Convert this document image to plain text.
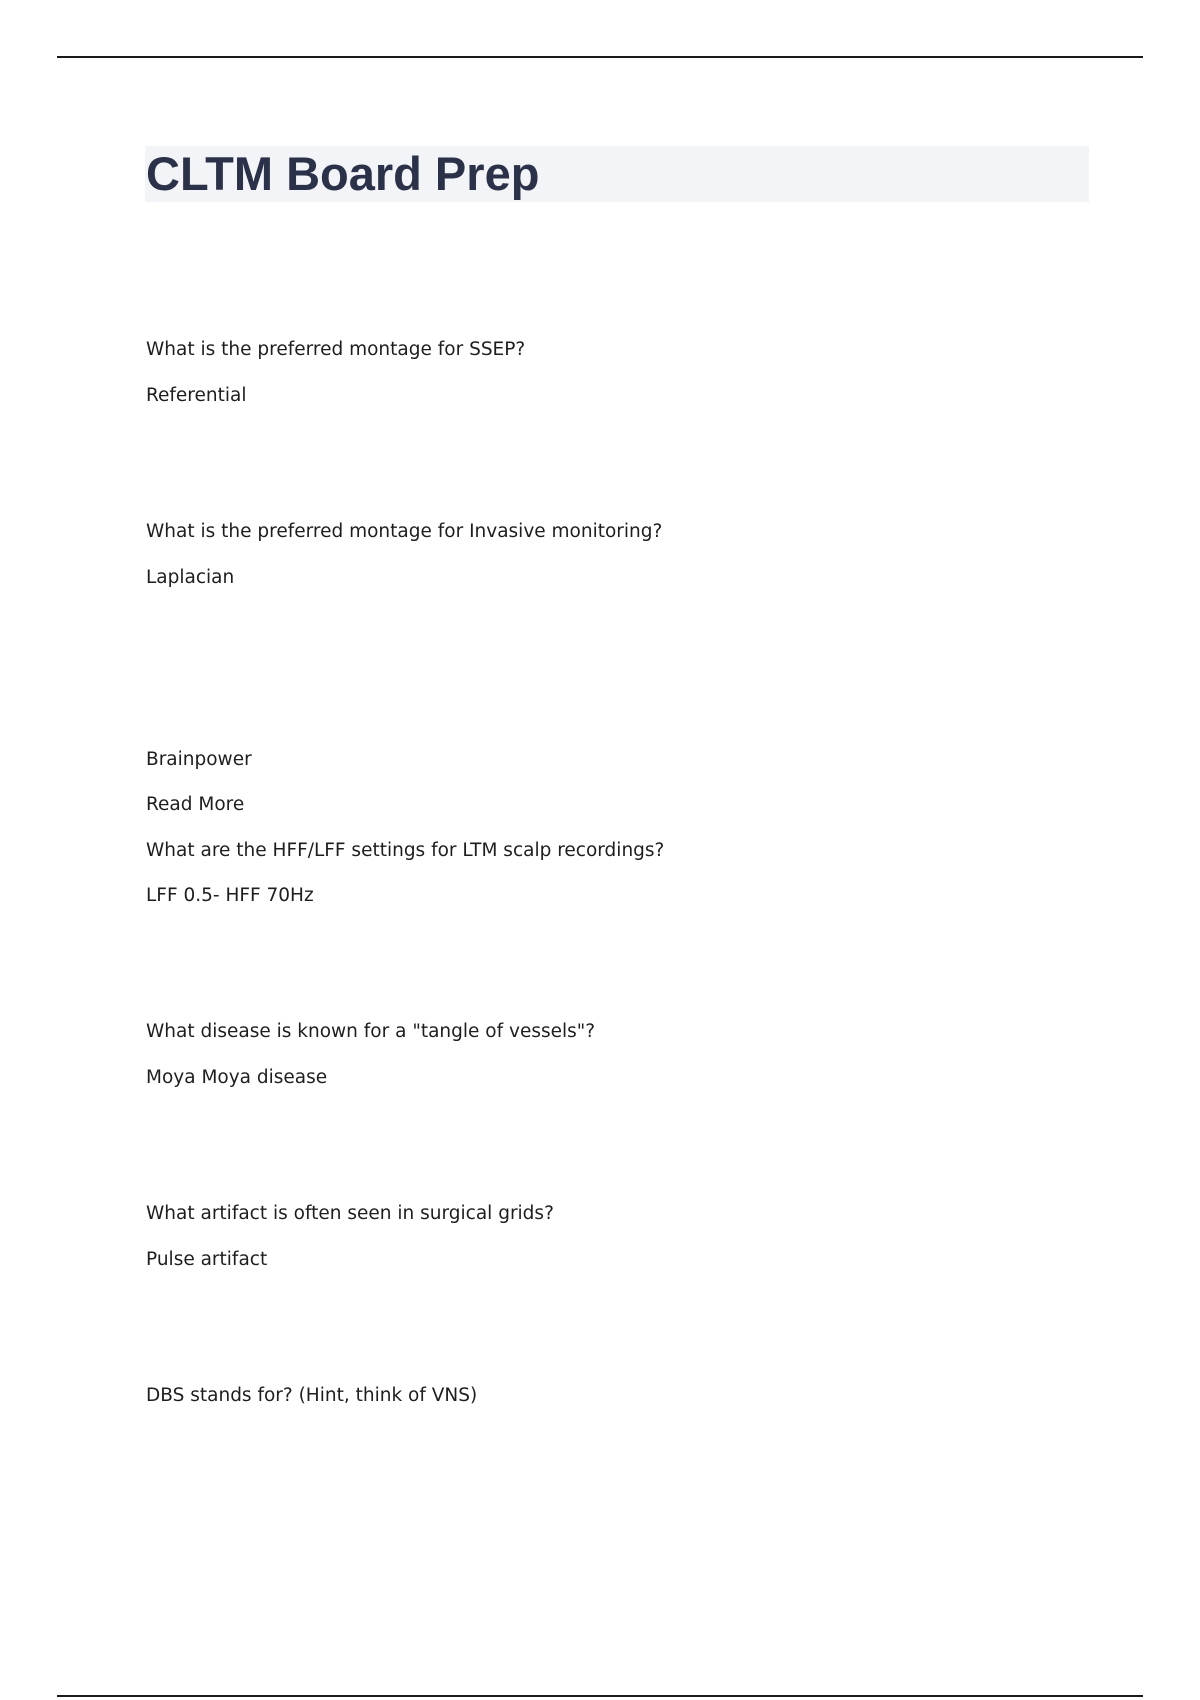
CLTM Board Prep
What is the preferred montage for SSEP?
Referential
What is the preferred montage for Invasive monitoring?
Laplacian
Brainpower
Read More
What are the HFF/LFF settings for LTM scalp recordings?
LFF 0.5- HFF 70Hz
What disease is known for a "tangle of vessels"?
Moya Moya disease
What artifact is often seen in surgical grids?
Pulse artifact
DBS stands for? (Hint, think of VNS)
